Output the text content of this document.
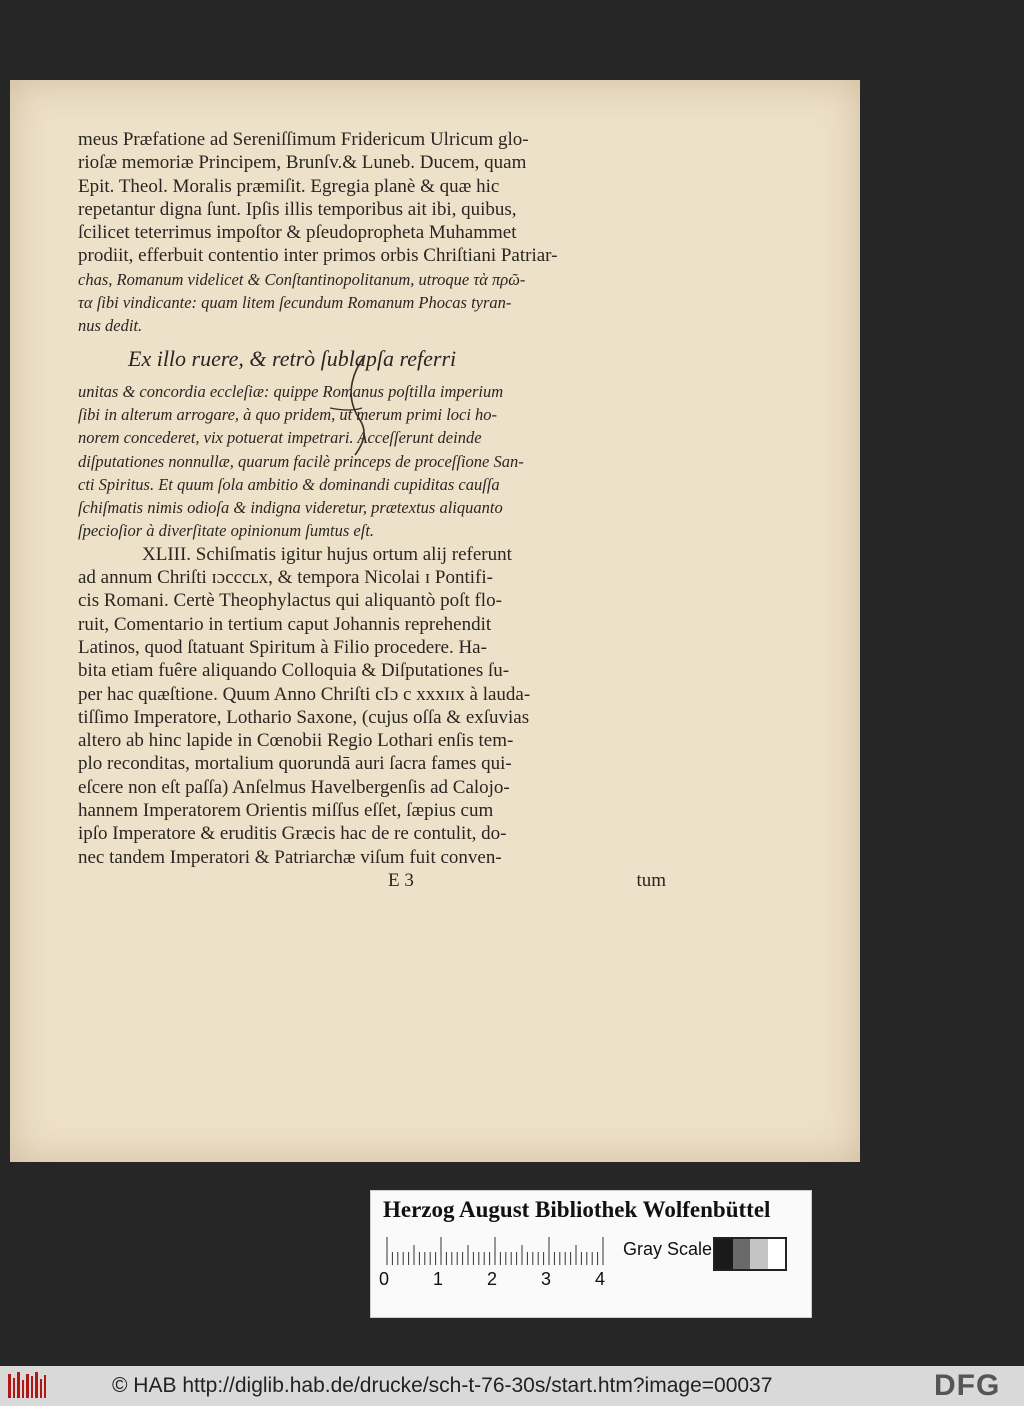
meus Præfatione ad Sereniſſimum Fridericum Ulricum glo-
rioſæ memoriæ Principem, Brunſv.& Luneb. Ducem, quam
Epit. Theol. Moralis præmiſit. Egregia planè & quæ hic
repetantur digna ſunt. Ipſis illis temporibus ait ibi, quibus,
ſcilicet teterrimus impoſtor & pſeudopropheta Muhammet
prodiit, efferbuit contentio inter primos orbis Chriſtiani Patriar-
chas, Romanum videlicet & Conſtantinopolitanum, utroque τὰ πρῶ-
τα ſibi vindicante: quam litem ſecundum Romanum Phocas tyran-
nus dedit.
Ex illo ruere, & retrò ſublapſa referri
unitas & concordia eccleſiæ: quippe Romanus poſtilla imperium
ſibi in alterum arrogare, à quo pridem, ut merum primi loci ho-
norem concederet, vix potuerat impetrari. Acceſſerunt deinde
diſputationes nonnullæ, quarum facilè princeps de proceſſione San-
cti Spiritus. Et quum ſola ambitio & dominandi cupiditas cauſſa
ſchiſmatis nimis odioſa & indigna videretur, prætextus aliquanto
ſpecioſior à diverſitate opinionum ſumtus eſt.
XLIII. Schiſmatis igitur hujus ortum alij referunt
ad annum Chriſti ɪɔcccʟx, & tempora Nicolai ɪ Pontifi-
cis Romani. Certè Theophylactus qui aliquantò poſt flo-
ruit, Comentario in tertium caput Johannis reprehendit
Latinos, quod ſtatuant Spiritum à Filio procedere. Ha-
bita etiam fuêre aliquando Colloquia & Diſputationes ſu-
per hac quæſtione. Quum Anno Chriſti cIɔ c xxxɪɪx à lauda-
tiſſimo Imperatore, Lothario Saxone, (cujus oſſa & exſuvias
altero ab hinc lapide in Cœnobii Regio Lothari enſis tem-
plo reconditas, mortalium quorundā auri ſacra fames qui-
eſcere non eſt paſſa) Anſelmus Havelbergenſis ad Calojo-
hannem Imperatorem Orientis miſſus eſſet, ſæpius cum
ipſo Imperatore & eruditis Græcis hac de re contulit, do-
nec tandem Imperatori & Patriarchæ viſum fuit conven-
E 3	tum
Herzog August Bibliothek Wolfenbüttel
0 1 2 3 4
Gray Scale
© HAB http://diglib.hab.de/drucke/sch-t-76-30s/start.htm?image=00037	DFG
